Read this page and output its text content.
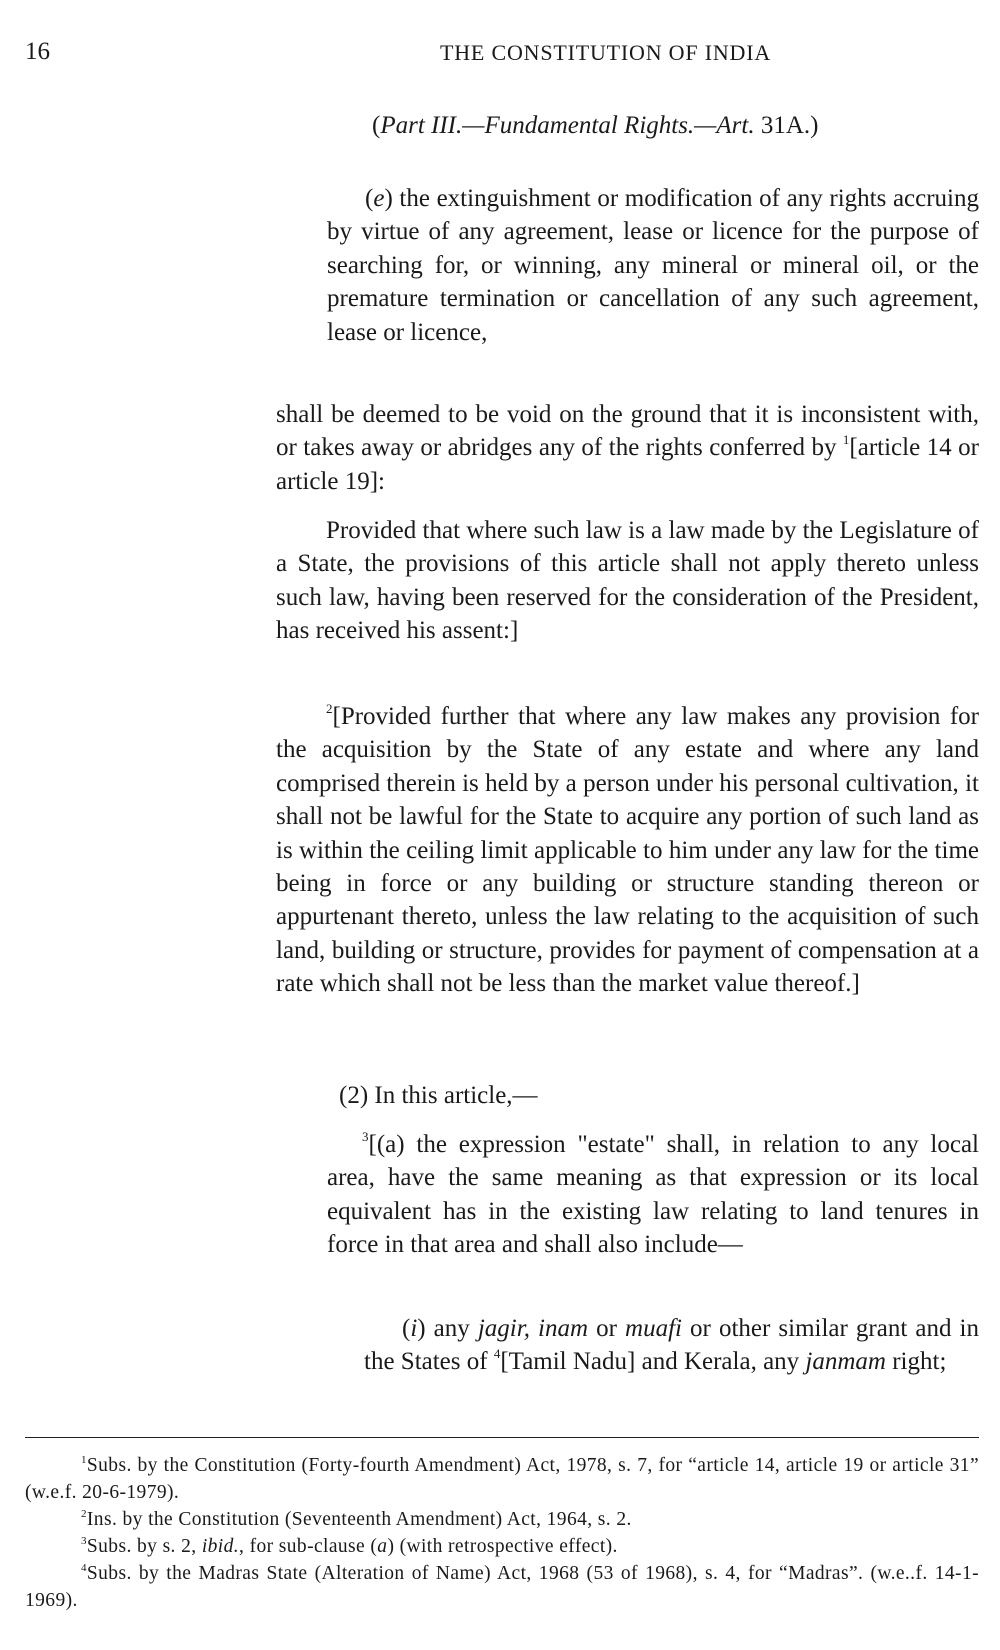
16	THE CONSTITUTION OF INDIA
(Part III.—Fundamental Rights.—Art. 31A.)

(e) the extinguishment or modification of any rights accruing by virtue of any agreement, lease or licence for the purpose of searching for, or winning, any mineral or mineral oil, or the premature termination or cancellation of any such agreement, lease or licence,

shall be deemed to be void on the ground that it is inconsistent with, or takes away or abridges any of the rights conferred by $^1$[article 14 or article 19]:

Provided that where such law is a law made by the Legislature of a State, the provisions of this article shall not apply thereto unless such law, having been reserved for the consideration of the President, has received his assent:]

$^2$[Provided further that where any law makes any provision for the acquisition by the State of any estate and where any land comprised therein is held by a person under his personal cultivation, it shall not be lawful for the State to acquire any portion of such land as is within the ceiling limit applicable to him under any law for the time being in force or any building or structure standing thereon or appurtenant thereto, unless the law relating to the acquisition of such land, building or structure, provides for payment of compensation at a rate which shall not be less than the market value thereof.]

(2) In this article,—

$^3$[(a) the expression "estate" shall, in relation to any local area, have the same meaning as that expression or its local equivalent has in the existing law relating to land tenures in force in that area and shall also include—

(i) any jagir, inam or muafi or other similar grant and in the States of $^4$[Tamil Nadu] and Kerala, any janmam right;

$^1$Subs. by the Constitution (Forty-fourth Amendment) Act, 1978, s. 7, for “article 14, article 19 or article 31” (w.e.f. 20-6-1979).

$^2$Ins. by the Constitution (Seventeenth Amendment) Act, 1964, s. 2.

$^3$Subs. by s. 2, ibid., for sub-clause (a) (with retrospective effect).

$^4$Subs. by the Madras State (Alteration of Name) Act, 1968 (53 of 1968), s. 4, for “Madras”. (w.e..f. 14-1-1969).
